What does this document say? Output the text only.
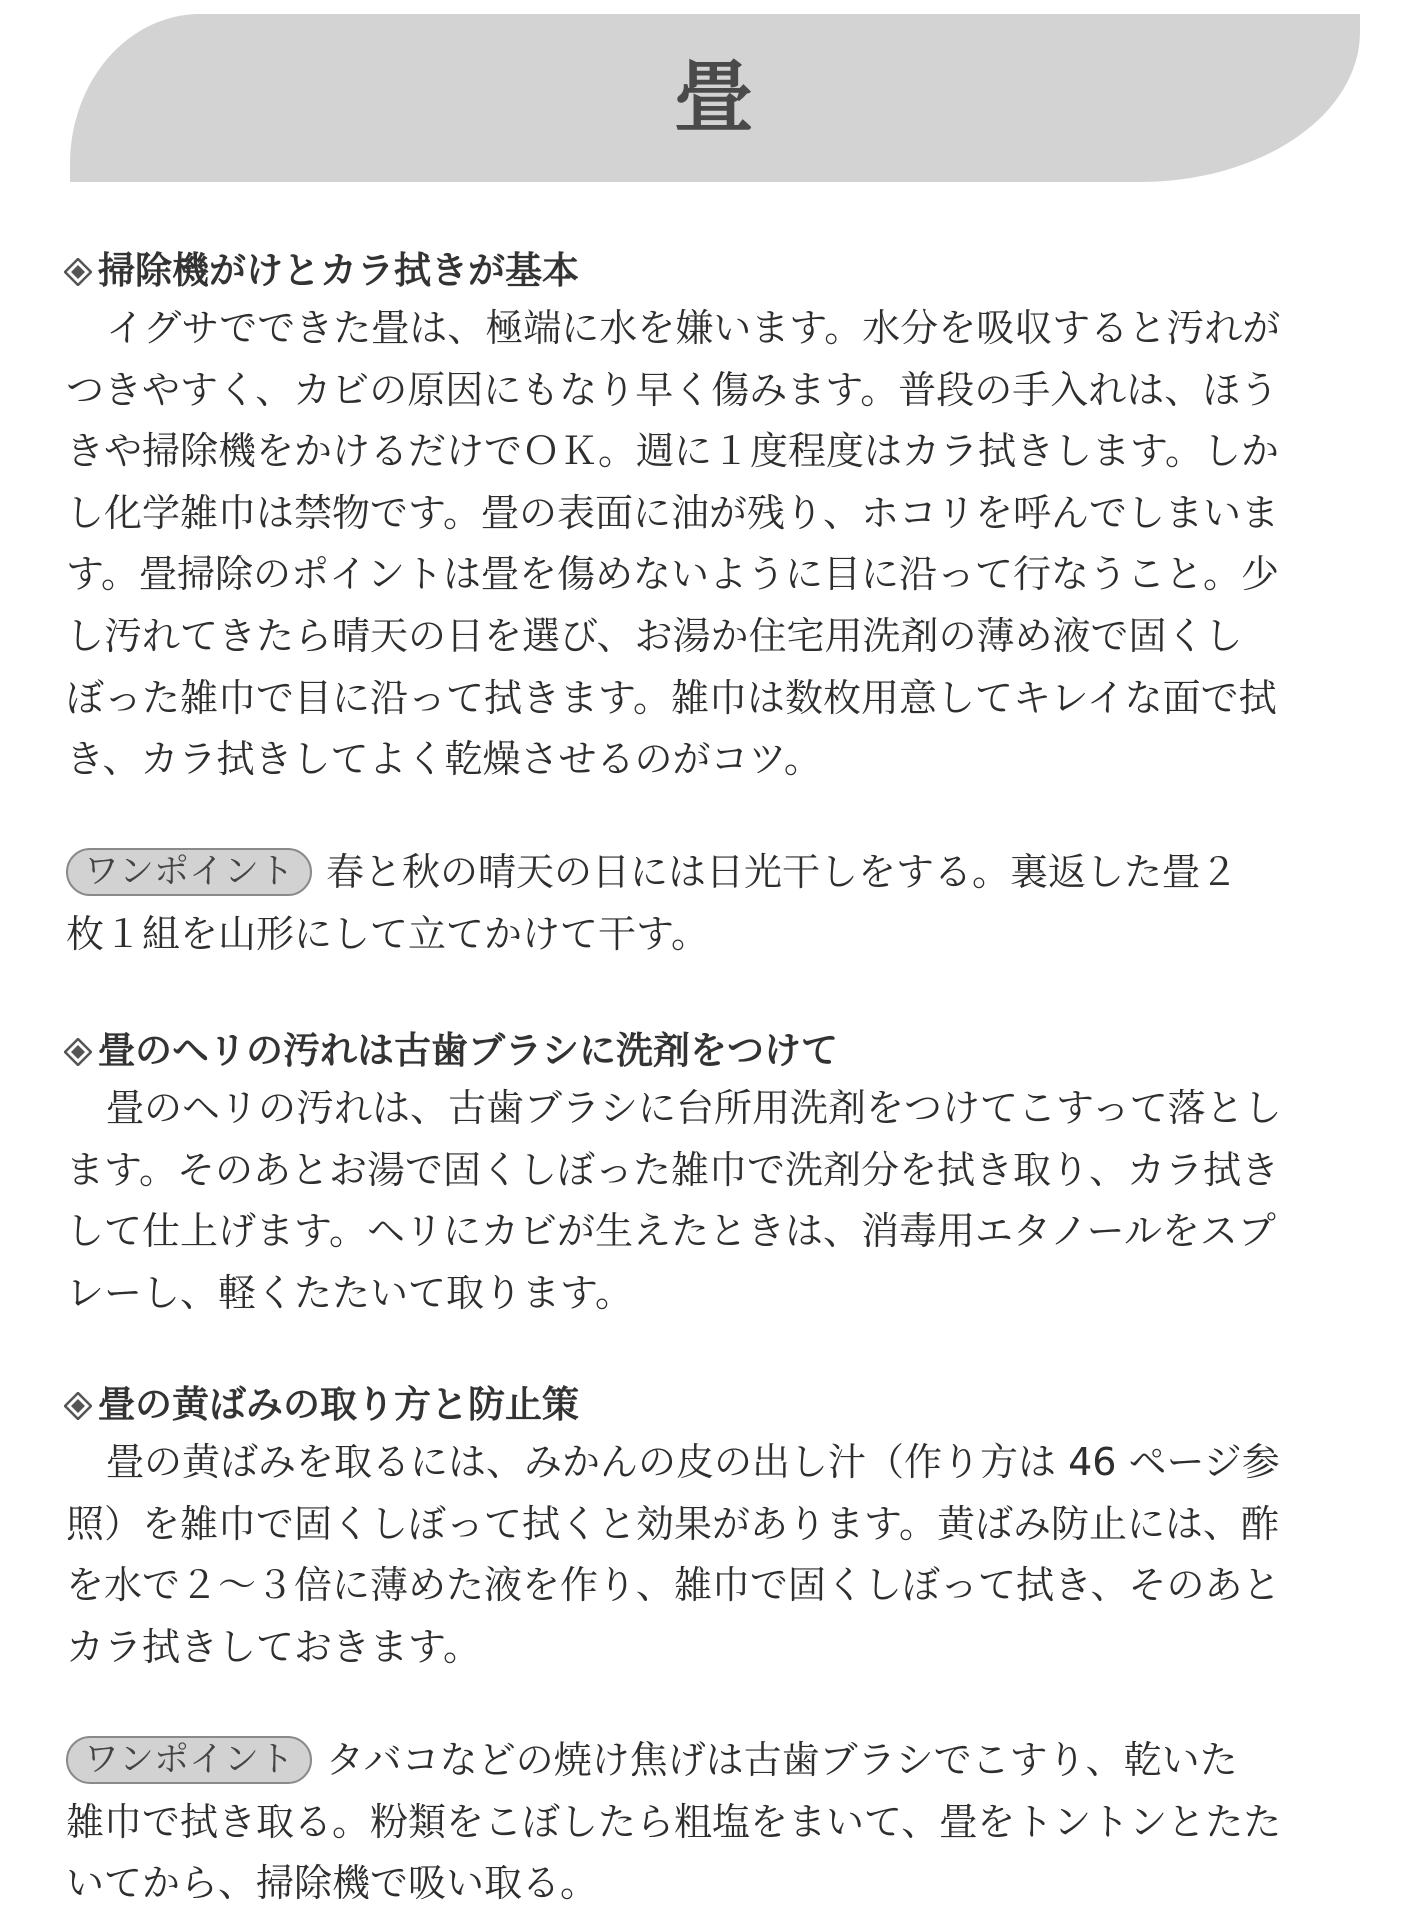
畳
掃除機がけとカラ拭きが基本
イグサでできた畳は、極端に水を嫌います。水分を吸収すると汚れが
つきやすく、カビの原因にもなり早く傷みます。普段の手入れは、ほう
きや掃除機をかけるだけでＯＫ。週に１度程度はカラ拭きします。しか
し化学雑巾は禁物です。畳の表面に油が残り、ホコリを呼んでしまいま
す。畳掃除のポイントは畳を傷めないように目に沿って行なうこと。少
し汚れてきたら晴天の日を選び、お湯か住宅用洗剤の薄め液で固くし
ぼった雑巾で目に沿って拭きます。雑巾は数枚用意してキレイな面で拭
き、カラ拭きしてよく乾燥させるのがコツ。
ワンポイント 春と秋の晴天の日には日光干しをする。裏返した畳２
枚１組を山形にして立てかけて干す。
畳のヘリの汚れは古歯ブラシに洗剤をつけて
畳のヘリの汚れは、古歯ブラシに台所用洗剤をつけてこすって落とし
ます。そのあとお湯で固くしぼった雑巾で洗剤分を拭き取り、カラ拭き
して仕上げます。ヘリにカビが生えたときは、消毒用エタノールをスプ
レーし、軽くたたいて取ります。
畳の黄ばみの取り方と防止策
畳の黄ばみを取るには、みかんの皮の出し汁（作り方は 46 ページ参
照）を雑巾で固くしぼって拭くと効果があります。黄ばみ防止には、酢
を水で２〜３倍に薄めた液を作り、雑巾で固くしぼって拭き、そのあと
カラ拭きしておきます。
ワンポイント タバコなどの焼け焦げは古歯ブラシでこすり、乾いた
雑巾で拭き取る。粉類をこぼしたら粗塩をまいて、畳をトントンとたた
いてから、掃除機で吸い取る。
